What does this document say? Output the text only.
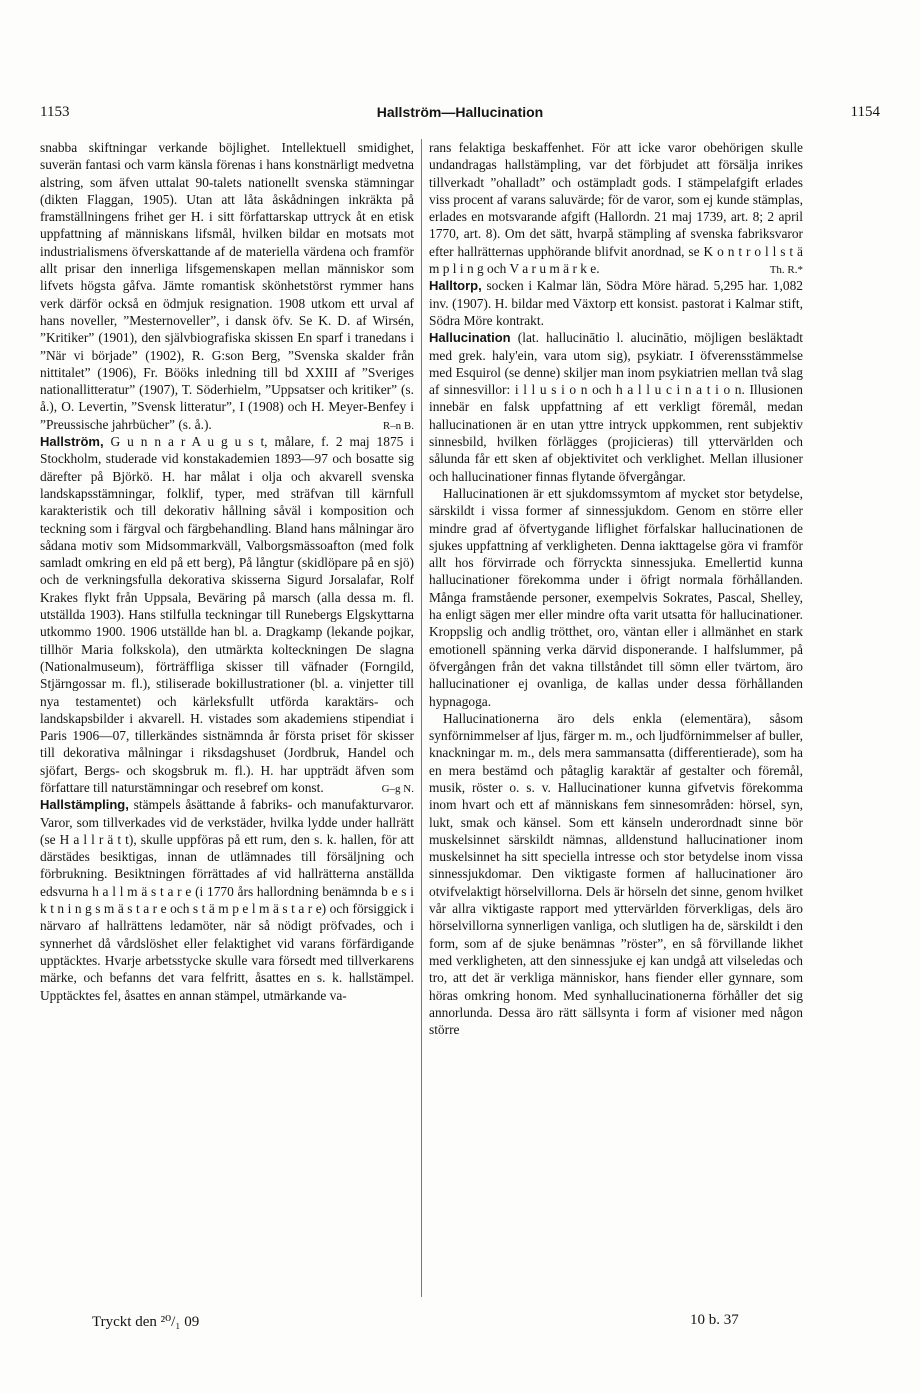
1153	Hallström—Hallucination	1154

snabba skiftningar verkande böjlighet. Intellektuell smidighet, suverän fantasi och varm känsla förenas i hans konstnärligt medvetna alstring, som äfven uttalat 90-talets nationellt svenska stämningar (dikten Flaggan, 1905). Utan att låta åskådningen inkräkta på framställningens frihet ger H. i sitt författarskap uttryck åt en etisk uppfattning af människans lifsmål, hvilken bildar en motsats mot industrialismens öfverskattande af de materiella värdena och framför allt prisar den innerliga lifsgemenskapen mellan människor som lifvets högsta gåfva. Jämte romantisk skönhetstörst rymmer hans verk därför också en ödmjuk resignation. 1908 utkom ett urval af hans noveller, ”Mesternoveller”, i dansk öfv. Se K. D. af Wirsén, ”Kritiker” (1901), den självbiografiska skissen En sparf i tranedans i ”När vi började” (1902), R. G:son Berg, ”Svenska skalder från nittitalet” (1906), Fr. Bööks inledning till bd XXIII af ”Sveriges nationallitteratur” (1907), T. Söderhielm, ”Uppsatser och kritiker” (s. å.), O. Levertin, ”Svensk litteratur”, I (1908) och H. Meyer-Benfey i ”Preussische jahrbücher” (s. å.).	R–n B.

Hallström, G u n n a r A u g u s t, målare, f. 2 maj 1875 i Stockholm, studerade vid konstakademien 1893—97 och bosatte sig därefter på Björkö. H. har målat i olja och akvarell svenska landskapsstämningar, folklif, typer, med sträfvan till kärnfull karakteristik och till dekorativ hållning såväl i komposition och teckning som i färgval och färgbehandling. Bland hans målningar äro sådana motiv som Midsommarkväll, Valborgsmässoafton (med folk samladt omkring en eld på ett berg), På långtur (skidlöpare på en sjö) och de verkningsfulla dekorativa skisserna Sigurd Jorsalafar, Rolf Krakes flykt från Uppsala, Beväring på marsch (alla dessa m. fl. utställda 1903). Hans stilfulla teckningar till Runebergs Elgskyttarna utkommo 1900. 1906 utställde han bl. a. Dragkamp (lekande pojkar, tillhör Maria folkskola), den utmärkta kolteckningen De slagna (Nationalmuseum), förträffliga skisser till väfnader (Forngild, Stjärngossar m. fl.), stiliserade bokillustrationer (bl. a. vinjetter till nya testamentet) och kärleksfullt utförda karaktärs- och landskapsbilder i akvarell. H. vistades som akademiens stipendiat i Paris 1906—07, tillerkändes sistnämnda år första priset för skisser till dekorativa målningar i riksdagshuset (Jordbruk, Handel och sjöfart, Bergs- och skogsbruk m. fl.). H. har uppträdt äfven som författare till naturstämningar och resebref om konst.	G–g N.

Hallstämpling, stämpels åsättande å fabriks- och manufakturvaror. Varor, som tillverkades vid de verkstäder, hvilka lydde under hallrätt (se H a l l r ä t t), skulle uppföras på ett rum, den s. k. hallen, för att därstädes besiktigas, innan de utlämnades till försäljning och förbrukning. Besiktningen förrättades af vid hallrätterna anställda edsvurna h a l l m ä s t a r e (i 1770 års hallordning benämnda b e s i k t n i n g s m ä s t a r e och s t ä m p e l m ä s t a r e) och försiggick i närvaro af hallrättens ledamöter, när så nödigt pröfvades, och i synnerhet då vårdslöshet eller felaktighet vid varans förfärdigande upptäcktes. Hvarje arbetsstycke skulle vara försedt med tillverkarens märke, och befanns det vara felfritt, åsattes en s. k. hallstämpel. Upptäcktes fel, åsattes en annan stämpel, utmärkande va-

rans felaktiga beskaffenhet. För att icke varor obehörigen skulle undandragas hallstämpling, var det förbjudet att försälja inrikes tillverkadt ”ohalladt” och ostämpladt gods. I stämpelafgift erlades viss procent af varans saluvärde; för de varor, som ej kunde stämplas, erlades en motsvarande afgift (Hallordn. 21 maj 1739, art. 8; 2 april 1770, art. 8). Om det sätt, hvarpå stämpling af svenska fabriksvaror efter hallrätternas upphörande blifvit anordnad, se K o n t r o l l s t ä m p l i n g och V a r u m ä r k e.	Th. R.*

Halltorp, socken i Kalmar län, Södra Möre härad. 5,295 har. 1,082 inv. (1907). H. bildar med Växtorp ett konsist. pastorat i Kalmar stift, Södra Möre kontrakt.

Hallucination (lat. hallucinātio l. alucinātio, möjligen besläktadt med grek. haly'ein, vara utom sig), psykiatr. I öfverensstämmelse med Esquirol (se denne) skiljer man inom psykiatrien mellan två slag af sinnesvillor: i l l u s i o n och h a l l u c i n a t i o n. Illusionen innebär en falsk uppfattning af ett verkligt föremål, medan hallucinationen är en utan yttre intryck uppkommen, rent subjektiv sinnesbild, hvilken förlägges (projicieras) till yttervärlden och sålunda får ett sken af objektivitet och verklighet. Mellan illusioner och hallucinationer finnas flytande öfvergångar.

Hallucinationen är ett sjukdomssymtom af mycket stor betydelse, särskildt i vissa former af sinnessjukdom. Genom en större eller mindre grad af öfvertygande liflighet förfalskar hallucinationen de sjukes uppfattning af verkligheten. Denna iakttagelse göra vi framför allt hos förvirrade och förryckta sinnessjuka. Emellertid kunna hallucinationer förekomma under i öfrigt normala förhållanden. Många framstående personer, exempelvis Sokrates, Pascal, Shelley, ha enligt sägen mer eller mindre ofta varit utsatta för hallucinationer. Kroppslig och andlig trötthet, oro, väntan eller i allmänhet en stark emotionell spänning verka därvid disponerande. I halfslummer, på öfvergången från det vakna tillståndet till sömn eller tvärtom, äro hallucinationer ej ovanliga, de kallas under dessa förhållanden hypnagoga.

Hallucinationerna äro dels enkla (elementära), såsom synförnimmelser af ljus, färger m. m., och ljudförnimmelser af buller, knackningar m. m., dels mera sammansatta (differentierade), som ha en mera bestämd och påtaglig karaktär af gestalter och föremål, musik, röster o. s. v. Hallucinationer kunna gifvetvis förekomma inom hvart och ett af människans fem sinnesområden: hörsel, syn, lukt, smak och känsel. Som ett känseln underordnadt sinne bör muskelsinnet särskildt nämnas, alldenstund hallucinationer inom muskelsinnet ha sitt speciella intresse och stor betydelse inom vissa sinnessjukdomar. Den viktigaste formen af hallucinationer äro otvifvelaktigt hörselvillorna. Dels är hörseln det sinne, genom hvilket vår allra viktigaste rapport med yttervärlden förverkligas, dels äro hörselvillorna synnerligen vanliga, och slutligen ha de, särskildt i den form, som af de sjuke benämnas ”röster”, en så förvillande likhet med verkligheten, att den sinnessjuke ej kan undgå att vilseledas och tro, att det är verkliga människor, hans fiender eller gynnare, som höras omkring honom. Med synhallucinationerna förhåller det sig annorlunda. Dessa äro rätt sällsynta i form af visioner med någon större

Tryckt den ²⁰/₁ 09	10 b. 37
